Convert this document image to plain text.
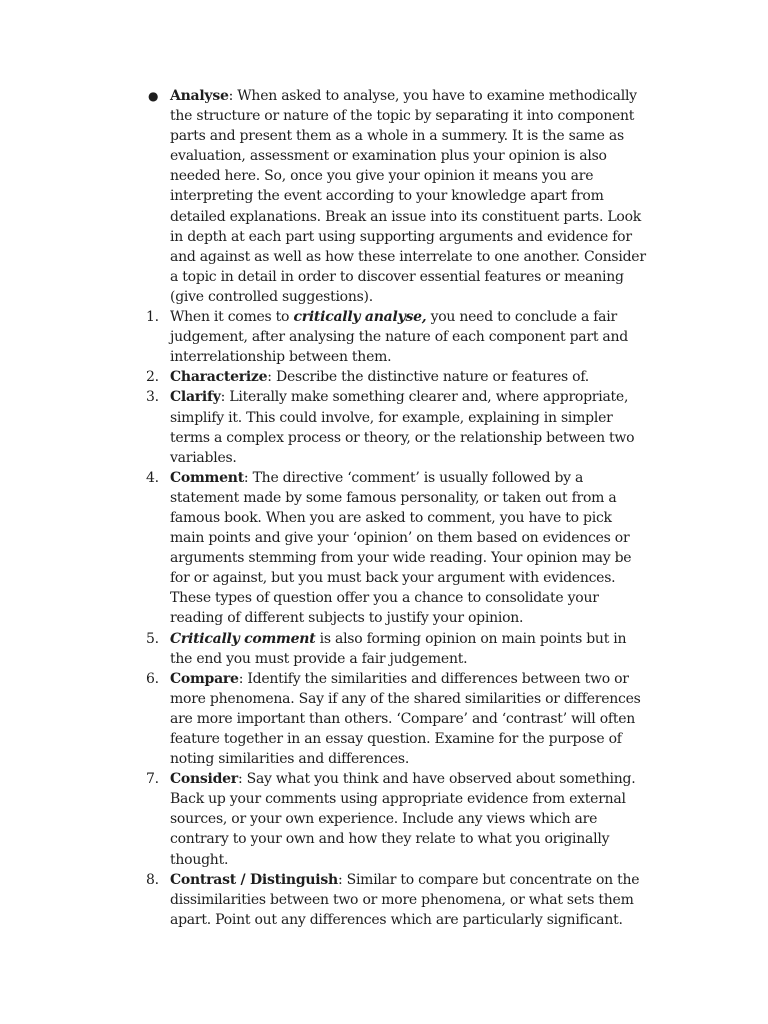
● Analyse: When asked to analyse, you have to examine methodically the structure or nature of the topic by separating it into component parts and present them as a whole in a summery. It is the same as evaluation, assessment or examination plus your opinion is also needed here. So, once you give your opinion it means you are interpreting the event according to your knowledge apart from detailed explanations. Break an issue into its constituent parts. Look in depth at each part using supporting arguments and evidence for and against as well as how these interrelate to one another. Consider a topic in detail in order to discover essential features or meaning (give controlled suggestions).
1. When it comes to critically analyse, you need to conclude a fair judgement, after analysing the nature of each component part and interrelationship between them.
2. Characterize: Describe the distinctive nature or features of.
3. Clarify: Literally make something clearer and, where appropriate, simplify it. This could involve, for example, explaining in simpler terms a complex process or theory, or the relationship between two variables.
4. Comment: The directive ‘comment’ is usually followed by a statement made by some famous personality, or taken out from a famous book. When you are asked to comment, you have to pick main points and give your ‘opinion’ on them based on evidences or arguments stemming from your wide reading. Your opinion may be for or against, but you must back your argument with evidences. These types of question offer you a chance to consolidate your reading of different subjects to justify your opinion.
5. Critically comment is also forming opinion on main points but in the end you must provide a fair judgement.
6. Compare: Identify the similarities and differences between two or more phenomena. Say if any of the shared similarities or differences are more important than others. ‘Compare’ and ‘contrast’ will often feature together in an essay question. Examine for the purpose of noting similarities and differences.
7. Consider: Say what you think and have observed about something. Back up your comments using appropriate evidence from external sources, or your own experience. Include any views which are contrary to your own and how they relate to what you originally thought.
8. Contrast / Distinguish: Similar to compare but concentrate on the dissimilarities between two or more phenomena, or what sets them apart. Point out any differences which are particularly significant.
